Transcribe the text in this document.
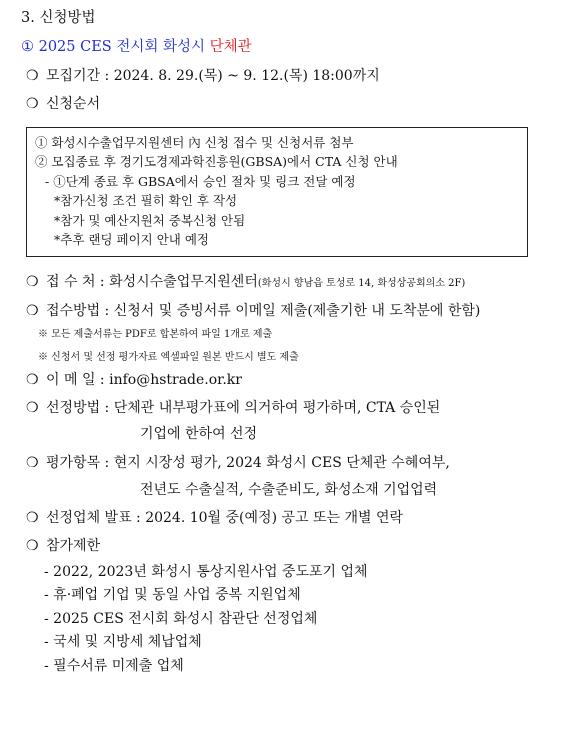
3. 신청방법
① 2025 CES 전시회 화성시 단체관
❍ 모집기간 : 2024. 8. 29.(목) ~ 9. 12.(목) 18:00까지
❍ 신청순서
① 화성시수출업무지원센터 內 신청 접수 및 신청서류 첨부
② 모집종료 후 경기도경제과학진흥원(GBSA)에서 CTA 신청 안내
- ①단계 종료 후 GBSA에서 승인 절차 및 링크 전달 예정
*참가신청 조건 필히 확인 후 작성
*참가 및 예산지원처 중복신청 안됨
*추후 랜딩 페이지 안내 예정
❍ 접 수 처 : 화성시수출업무지원센터(화성시 향남읍 토성로 14, 화성상공회의소 2F)
❍ 접수방법 : 신청서 및 증빙서류 이메일 제출(제출기한 내 도착분에 한함)
※ 모든 제출서류는 PDF로 합본하여 파일 1개로 제출
※ 신청서 및 선정 평가자료 엑셀파일 원본 반드시 별도 제출
❍ 이 메 일 : info@hstrade.or.kr
❍ 선정방법 : 단체관 내부평가표에 의거하여 평가하며, CTA 승인된
기업에 한하여 선정
❍ 평가항목 : 현지 시장성 평가, 2024 화성시 CES 단체관 수혜여부,
전년도 수출실적, 수출준비도, 화성소재 기업업력
❍ 선정업체 발표 : 2024. 10월 중(예정) 공고 또는 개별 연락
❍ 참가제한
- 2022, 2023년 화성시 통상지원사업 중도포기 업체
- 휴·폐업 기업 및 동일 사업 중복 지원업체
- 2025 CES 전시회 화성시 참관단 선정업체
- 국세 및 지방세 체납업체
- 필수서류 미제출 업체
